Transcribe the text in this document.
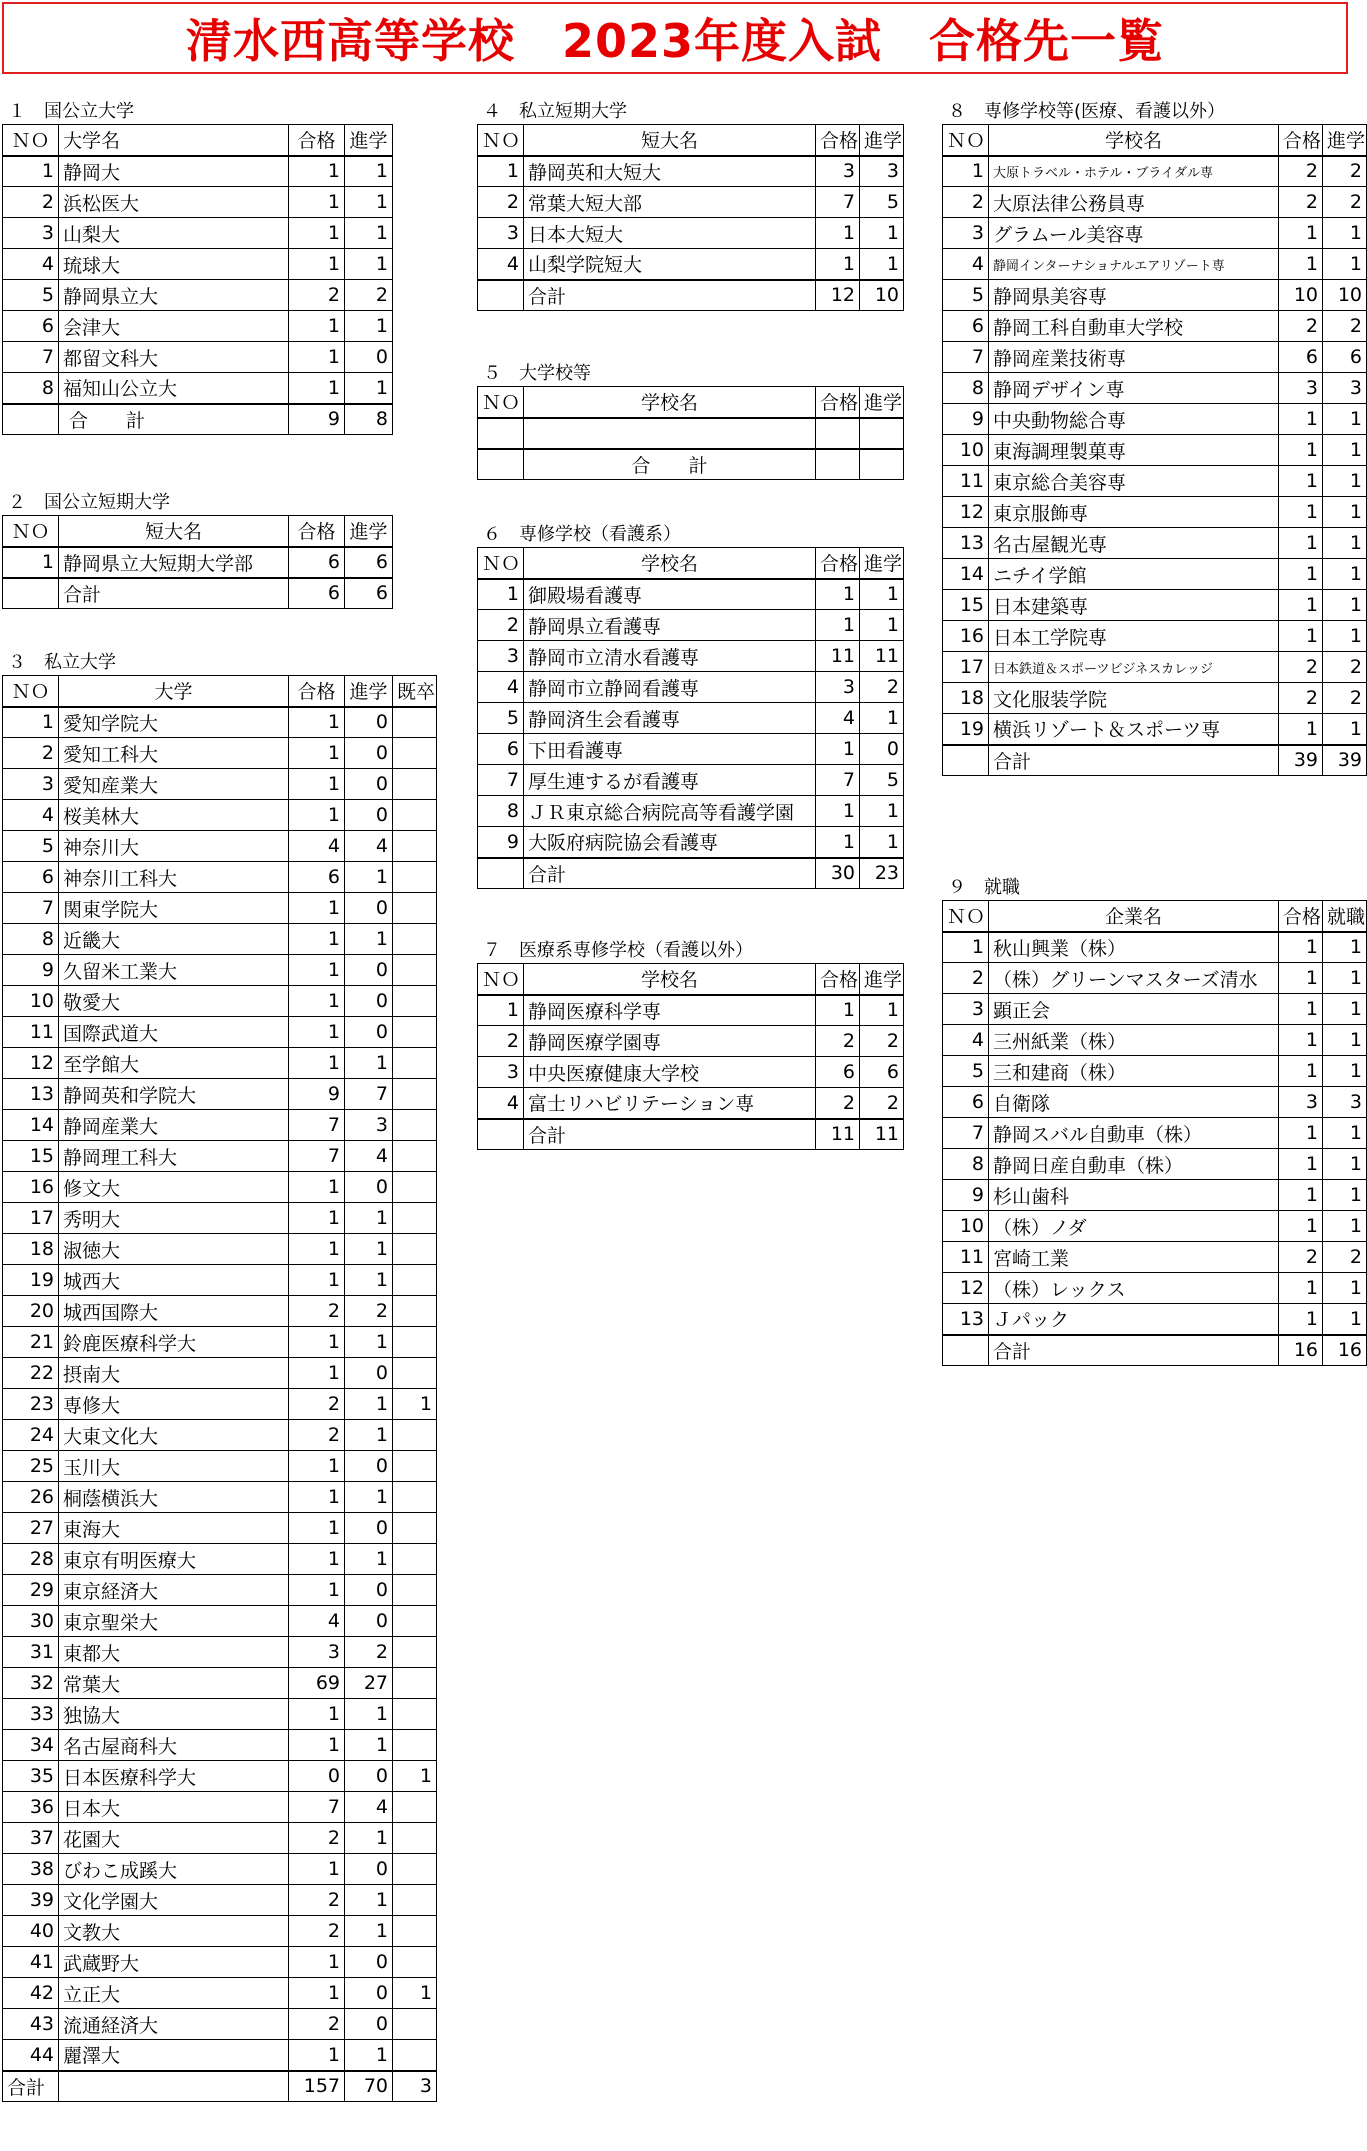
清水西高等学校　2023年度入試　合格先一覧
１　国公立大学
ＮＯ	大学名	合格	進学
1	静岡大	1	1
2	浜松医大	1	1
3	山梨大	1	1
4	琉球大	1	1
5	静岡県立大	2	2
6	会津大	1	1
7	都留文科大	1	0
8	福知山公立大	1	1
	合　　計	9	8
２　国公立短期大学
ＮＯ	短大名	合格	進学
1	静岡県立大短期大学部	6	6
	合計	6	6
３　私立大学
ＮＯ	大学	合格	進学	既卒
1	愛知学院大	1	0	
2	愛知工科大	1	0	
3	愛知産業大	1	0	
4	桜美林大	1	0	
5	神奈川大	4	4	
6	神奈川工科大	6	1	
7	関東学院大	1	0	
8	近畿大	1	1	
9	久留米工業大	1	0	
10	敬愛大	1	0	
11	国際武道大	1	0	
12	至学館大	1	1	
13	静岡英和学院大	9	7	
14	静岡産業大	7	3	
15	静岡理工科大	7	4	
16	修文大	1	0	
17	秀明大	1	1	
18	淑徳大	1	1	
19	城西大	1	1	
20	城西国際大	2	2	
21	鈴鹿医療科学大	1	1	
22	摂南大	1	0	
23	専修大	2	1	1
24	大東文化大	2	1	
25	玉川大	1	0	
26	桐蔭横浜大	1	1	
27	東海大	1	0	
28	東京有明医療大	1	1	
29	東京経済大	1	0	
30	東京聖栄大	4	0	
31	東都大	3	2	
32	常葉大	69	27	
33	独協大	1	1	
34	名古屋商科大	1	1	
35	日本医療科学大	0	0	1
36	日本大	7	4	
37	花園大	2	1	
38	びわこ成蹊大	1	0	
39	文化学園大	2	1	
40	文教大	2	1	
41	武蔵野大	1	0	
42	立正大	1	0	1
43	流通経済大	2	0	
44	麗澤大	1	1	
合計		157	70	3
４　私立短期大学
ＮＯ	短大名	合格	進学
1	静岡英和大短大	3	3
2	常葉大短大部	7	5
3	日本大短大	1	1
4	山梨学院短大	1	1
	合計	12	10
５　大学校等
ＮＯ	学校名	合格	進学

	合　　計		
６　専修学校（看護系）
ＮＯ	学校名	合格	進学
1	御殿場看護専	1	1
2	静岡県立看護専	1	1
3	静岡市立清水看護専	11	11
4	静岡市立静岡看護専	3	2
5	静岡済生会看護専	4	1
6	下田看護専	1	0
7	厚生連するが看護専	7	5
8	ＪＲ東京総合病院高等看護学園	1	1
9	大阪府病院協会看護専	1	1
	合計	30	23
７　医療系専修学校（看護以外）
ＮＯ	学校名	合格	進学
1	静岡医療科学専	1	1
2	静岡医療学園専	2	2
3	中央医療健康大学校	6	6
4	富士リハビリテーション専	2	2
	合計	11	11
８　専修学校等(医療、看護以外）
ＮＯ	学校名	合格	進学
1	大原トラベル・ホテル・ブライダル専	2	2
2	大原法律公務員専	2	2
3	グラムール美容専	1	1
4	静岡インターナショナルエアリゾート専	1	1
5	静岡県美容専	10	10
6	静岡工科自動車大学校	2	2
7	静岡産業技術専	6	6
8	静岡デザイン専	3	3
9	中央動物総合専	1	1
10	東海調理製菓専	1	1
11	東京総合美容専	1	1
12	東京服飾専	1	1
13	名古屋観光専	1	1
14	ニチイ学館	1	1
15	日本建築専	1	1
16	日本工学院専	1	1
17	日本鉄道＆スポーツビジネスカレッジ	2	2
18	文化服装学院	2	2
19	横浜リゾート＆スポーツ専	1	1
	合計	39	39
９　就職
ＮＯ	企業名	合格	就職
1	秋山興業（株）	1	1
2	（株）グリーンマスターズ清水	1	1
3	顕正会	1	1
4	三州紙業（株）	1	1
5	三和建商（株）	1	1
6	自衛隊	3	3
7	静岡スバル自動車（株）	1	1
8	静岡日産自動車（株）	1	1
9	杉山歯科	1	1
10	（株）ノダ	1	1
11	宮崎工業	2	2
12	（株）レックス	1	1
13	Ｊパック	1	1
	合計	16	16
